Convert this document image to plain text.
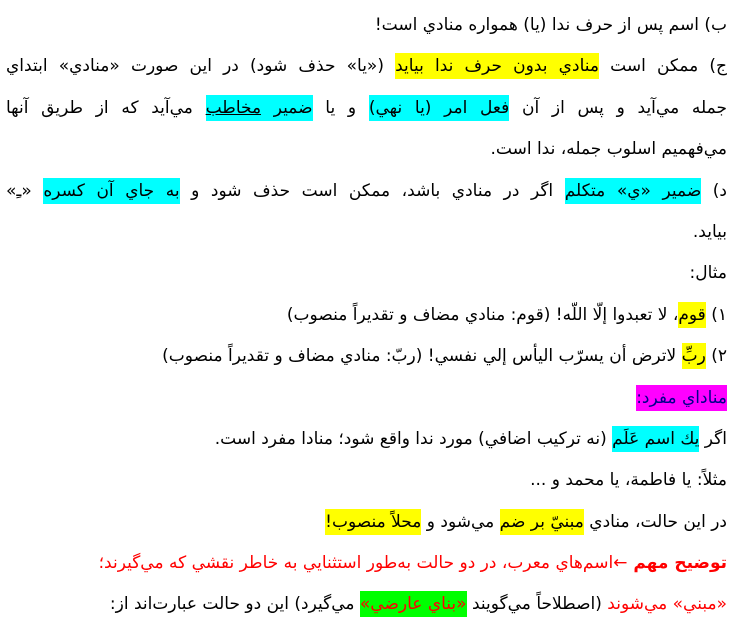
ب) اسم پس از حرف ندا (يا) همواره منادي است!
ج) ممكن است منادي بدون حرف ندا بيايد («يا» حذف شود) در اين صورت «منادي» ابتداي
جمله مي‌آيد و پس از آن فعل امر (يا نهي) و يا ضمير مخاطب مي‌آيد كه از طريق آنها
مي‌فهميم اسلوب جمله، ندا است.
د) ضمير «ي» متكلم اگر در منادي باشد، ممكن است حذف شود و به جاي آن كسره «ـِ»
بيايد.
مثال:
۱) قوم، لا تعبدوا إلّا اللّه! (قوم: منادي مضاف و تقديراً منصوب)
۲) ربِّ لاترض أن يسرّب اليأس إلي نفسي! (ربّ: منادي مضاف و تقديراً منصوب)
مناداي مفرد:
اگر يك اسم عَلَم (نه تركيب اضافي) مورد ندا واقع شود؛ منادا مفرد است.
مثلاً: يا فاطمة، يا محمد و ...
در اين حالت، منادي مبنيّ بر ضم مي‌شود و محلاً منصوب!
توضيح مهم ←اسم‌هاي معرب، در دو حالت به‌طور استثنايي به خاطر نقشي كه مي‌گيرند؛
«مبني» مي‌شوند (اصطلاحاً مي‌گويند «بناي عارضي» مي‌گيرد) اين دو حالت عبارت‌اند از:
